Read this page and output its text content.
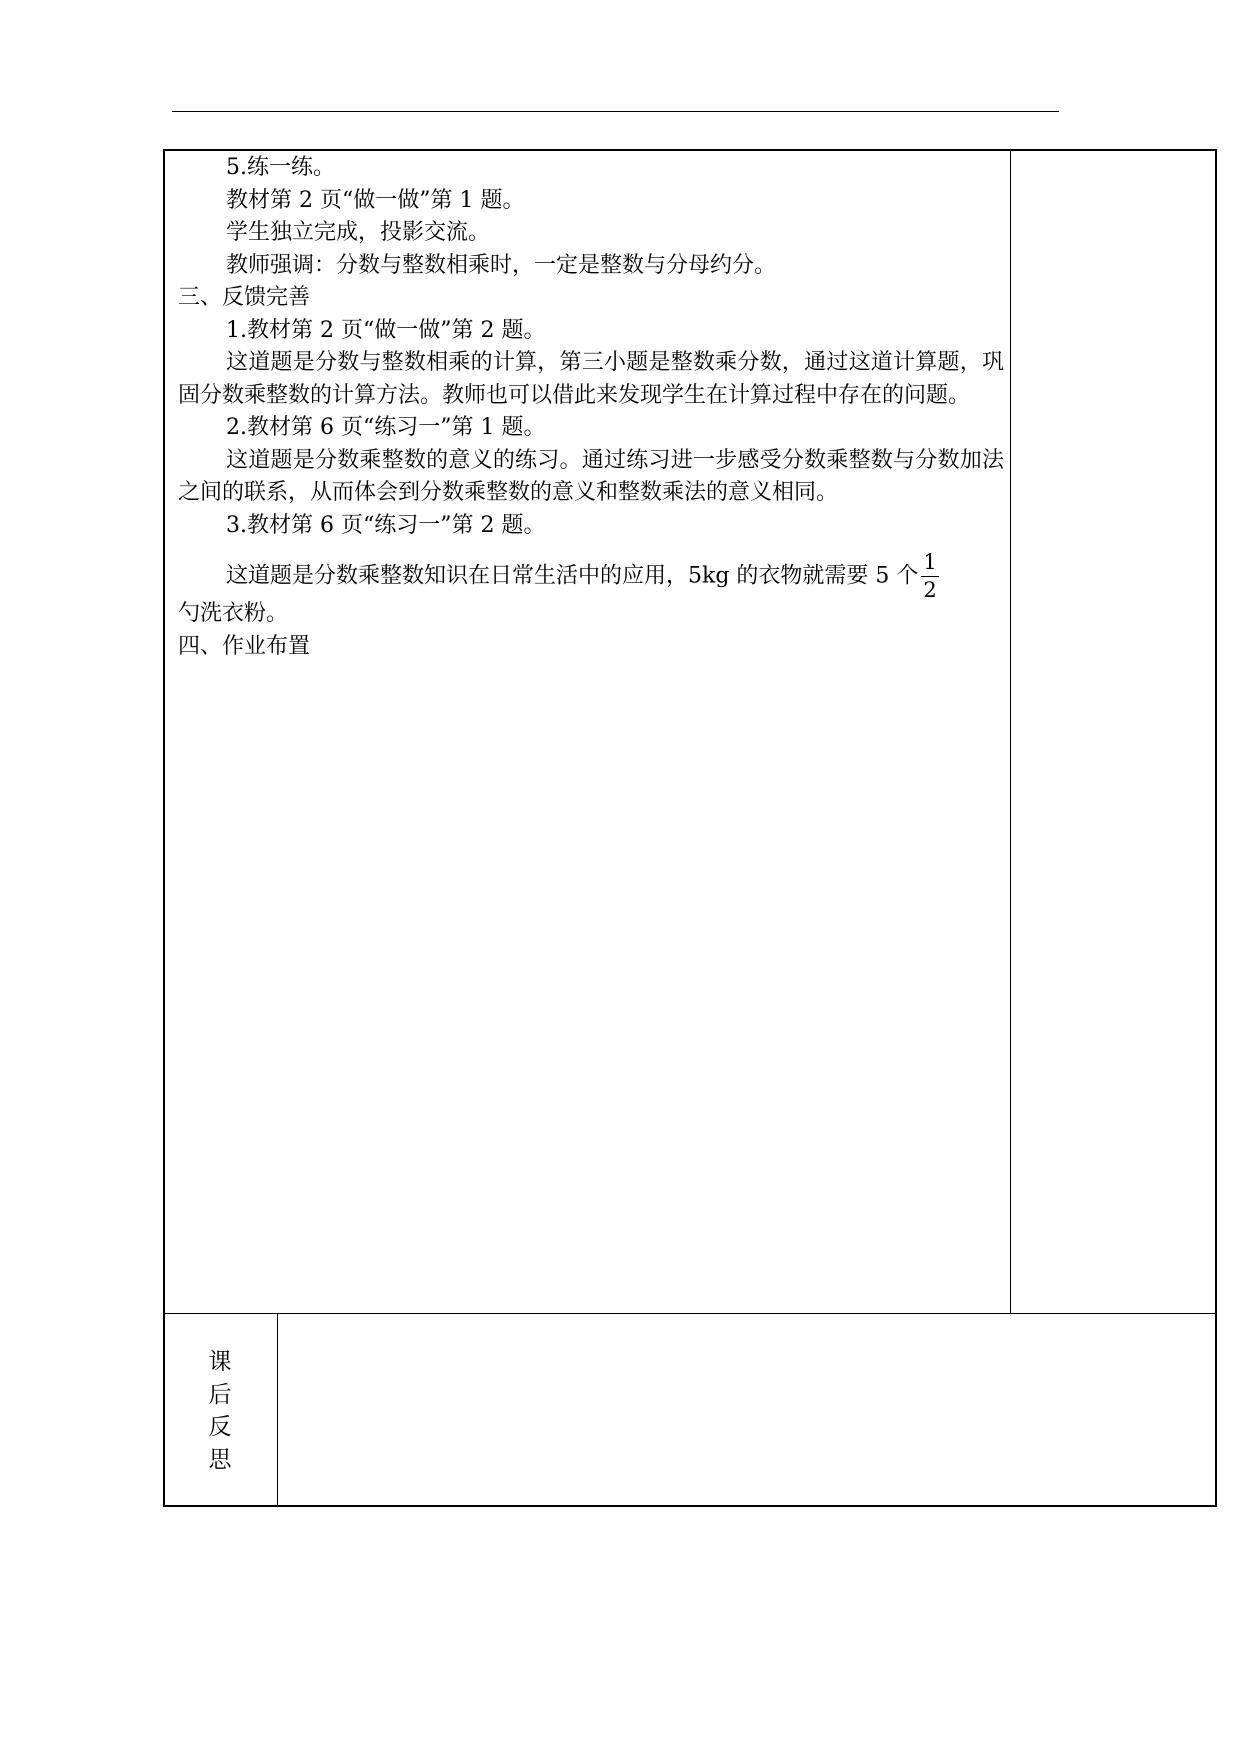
5.练一练。
教材第 2 页“做一做”第 1 题。
学生独立完成，投影交流。
教师强调：分数与整数相乘时，一定是整数与分母约分。
三、反馈完善
1.教材第 2 页“做一做”第 2 题。
这道题是分数与整数相乘的计算，第三小题是整数乘分数，通过这道计算题，巩固分数乘整数的计算方法。教师也可以借此来发现学生在计算过程中存在的问题。
2.教材第 6 页“练习一”第 1 题。
这道题是分数乘整数的意义的练习。通过练习进一步感受分数乘整数与分数加法之间的联系，从而体会到分数乘整数的意义和整数乘法的意义相同。
3.教材第 6 页“练习一”第 2 题。
这道题是分数乘整数知识在日常生活中的应用，5kg 的衣物就需要 5 个 $\frac{1}{2}$
勺洗衣粉。
四、作业布置
课
后
反
思
